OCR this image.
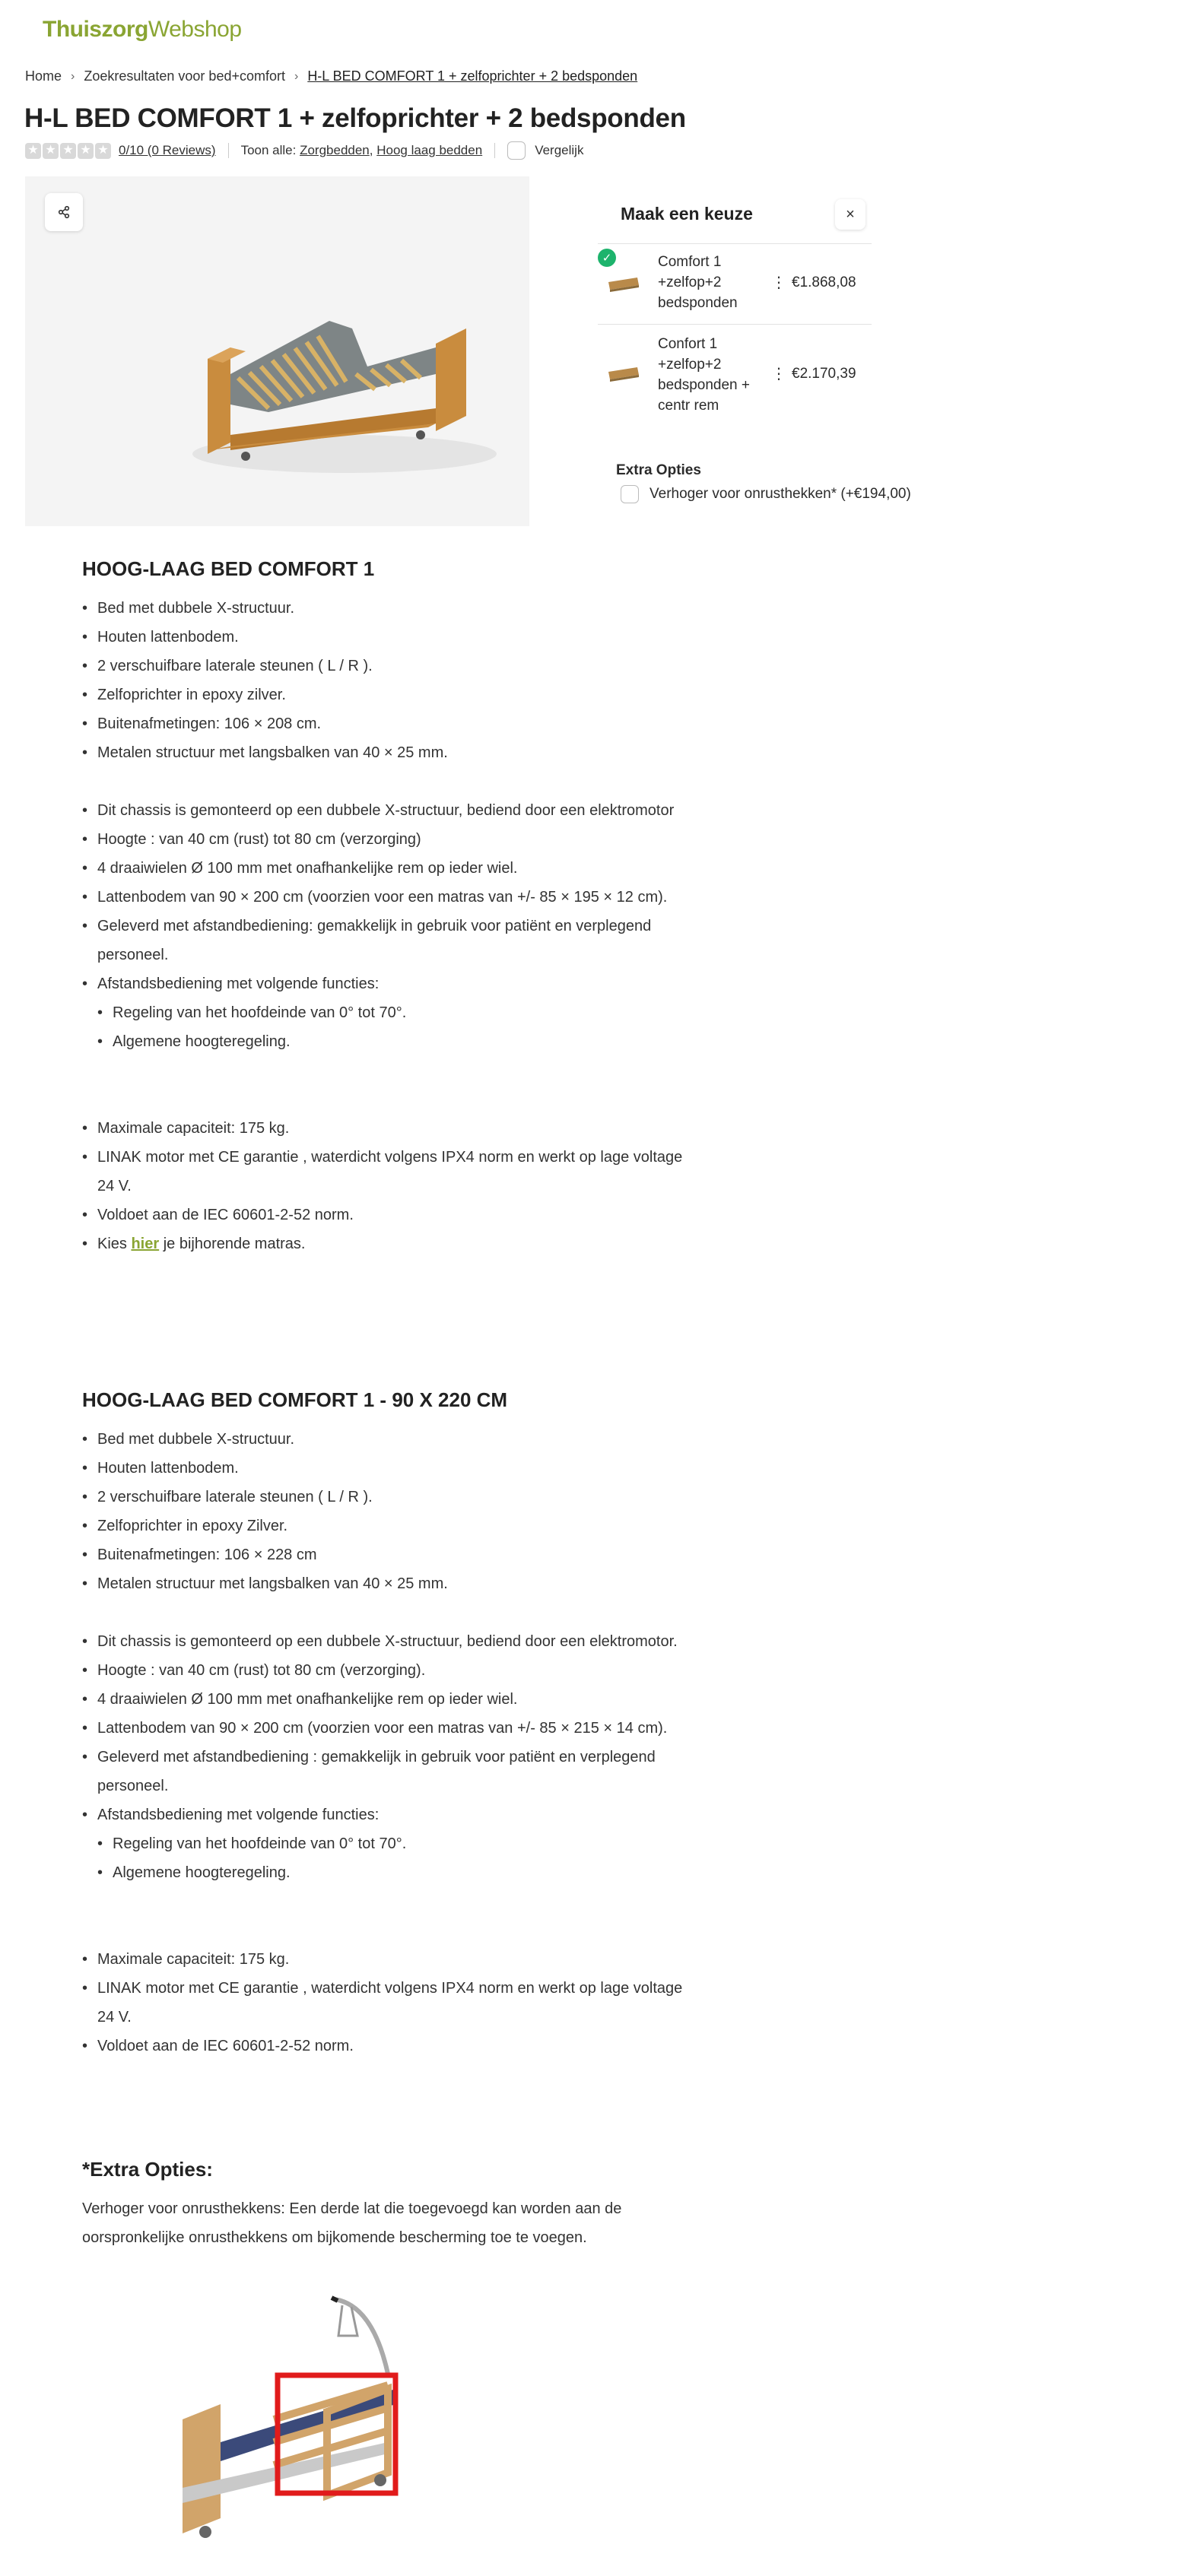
ThuiszorgWebshop
Home › Zoekresultaten voor bed+comfort › H-L BED COMFORT 1 + zelfoprichter + 2 bedsponden
H-L BED COMFORT 1 + zelfoprichter + 2 bedsponden
★ ★ ★ ★ ★ 0/10 (0 Reviews) Toon alle:
Zorgbedden , Hoog laag bedden	Vergelijk
Maak een keuze	×
✓	Comfort 1 +zelfop+2 bedsponden
⋮ €1.868,08
Confort 1 +zelfop+2 bedsponden + centr rem
⋮ €2.170,39
Extra Opties
Verhoger voor onrusthekken* (+€194,00)
HOOG-LAAG BED COMFORT 1
• Bed met dubbele X-structuur.
• Houten lattenbodem.
• 2 verschuifbare laterale steunen ( L / R ).
• Zelfoprichter in epoxy zilver.
• Buitenafmetingen: 106 × 208 cm.
• Metalen structuur met langsbalken van 40 × 25 mm.
• Dit chassis is gemonteerd op een dubbele X-structuur, bediend door een elektromotor
• Hoogte : van 40 cm (rust) tot 80 cm (verzorging)
• 4 draaiwielen Ø 100 mm met onafhankelijke rem op ieder wiel.
• Lattenbodem van 90 × 200 cm (voorzien voor een matras van +/- 85 × 195 × 12 cm).
• Geleverd met afstandbediening: gemakkelijk in gebruik voor patiënt en verplegend
personeel.
• Afstandsbediening met volgende functies:
• Regeling van het hoofdeinde van 0° tot 70°.
• Algemene hoogteregeling.
• Maximale capaciteit: 175 kg.
• LINAK motor met CE garantie , waterdicht volgens IPX4 norm en werkt op lage voltage
24 V.
• Voldoet aan de IEC 60601-2-52 norm.
• Kies hier je bijhorende matras.
HOOG-LAAG BED COMFORT 1 - 90 X 220 CM
• Bed met dubbele X-structuur.
• Houten lattenbodem.
• 2 verschuifbare laterale steunen ( L / R ).
• Zelfoprichter in epoxy Zilver.
• Buitenafmetingen: 106 × 228 cm
• Metalen structuur met langsbalken van 40 × 25 mm.
• Dit chassis is gemonteerd op een dubbele X-structuur, bediend door een elektromotor.
• Hoogte : van 40 cm (rust) tot 80 cm (verzorging).
• 4 draaiwielen Ø 100 mm met onafhankelijke rem op ieder wiel.
• Lattenbodem van 90 × 200 cm (voorzien voor een matras van +/- 85 × 215 × 14 cm).
• Geleverd met afstandbediening : gemakkelijk in gebruik voor patiënt en verplegend
personeel.
• Afstandsbediening met volgende functies:
• Regeling van het hoofdeinde van 0° tot 70°.
• Algemene hoogteregeling.
• Maximale capaciteit: 175 kg.
• LINAK motor met CE garantie , waterdicht volgens IPX4 norm en werkt op lage voltage
24 V.
• Voldoet aan de IEC 60601-2-52 norm.
*Extra Opties:

Verhoger voor onrusthekkens: Een derde lat die toegevoegd kan worden aan de

oorspronkelijke onrusthekkens om bijkomende bescherming toe te voegen.
